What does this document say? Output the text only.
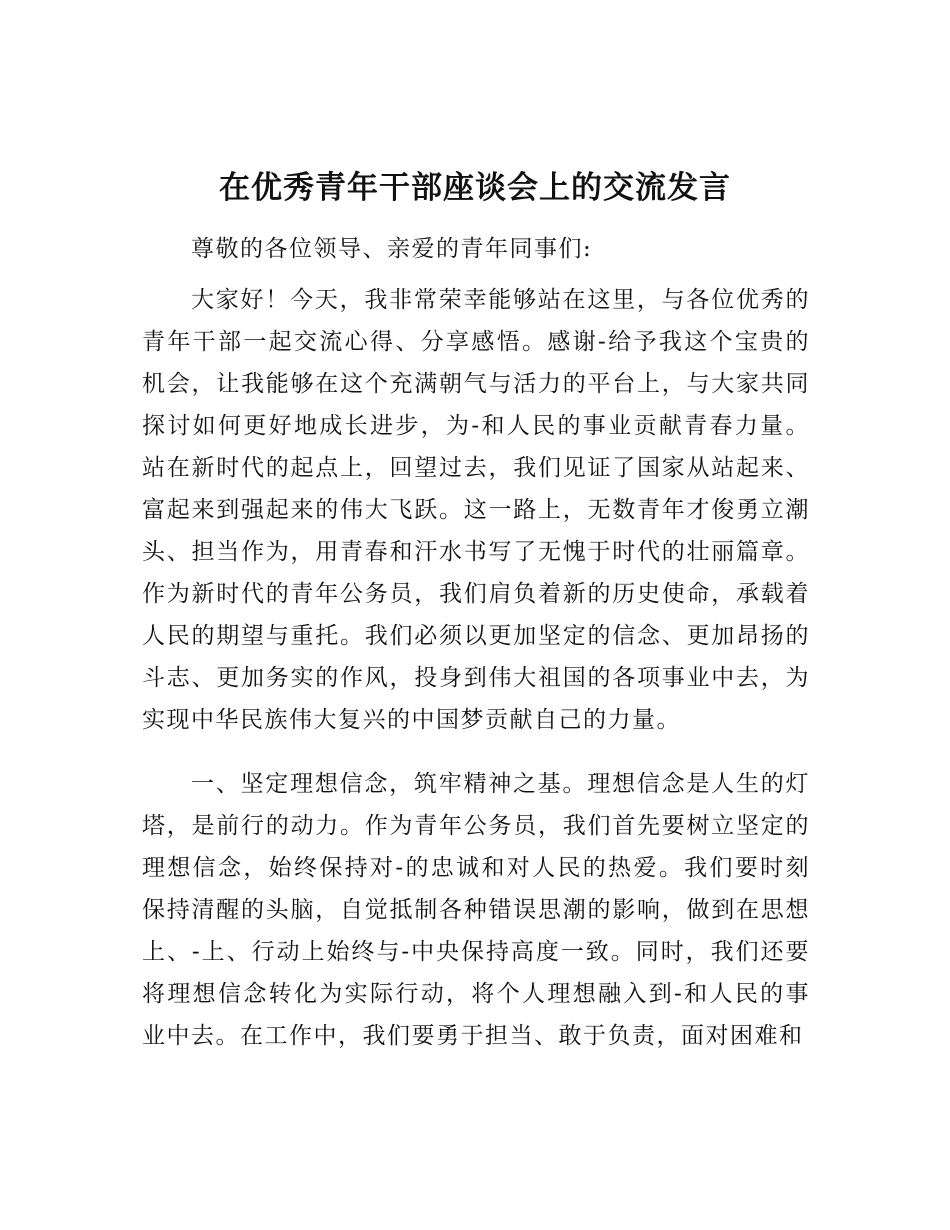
在优秀青年干部座谈会上的交流发言

尊敬的各位领导、亲爱的青年同事们:

大家好！今天，我非常荣幸能够站在这里，与各位优秀的青年干部一起交流心得、分享感悟。感谢-给予我这个宝贵的机会，让我能够在这个充满朝气与活力的平台上，与大家共同探讨如何更好地成长进步，为-和人民的事业贡献青春力量。站在新时代的起点上，回望过去，我们见证了国家从站起来、富起来到强起来的伟大飞跃。这一路上，无数青年才俊勇立潮头、担当作为，用青春和汗水书写了无愧于时代的壮丽篇章。作为新时代的青年公务员，我们肩负着新的历史使命，承载着人民的期望与重托。我们必须以更加坚定的信念、更加昂扬的斗志、更加务实的作风，投身到伟大祖国的各项事业中去，为实现中华民族伟大复兴的中国梦贡献自己的力量。

一、坚定理想信念，筑牢精神之基。理想信念是人生的灯塔，是前行的动力。作为青年公务员，我们首先要树立坚定的理想信念，始终保持对-的忠诚和对人民的热爱。我们要时刻保持清醒的头脑，自觉抵制各种错误思潮的影响，做到在思想上、-上、行动上始终与-中央保持高度一致。同时，我们还要将理想信念转化为实际行动，将个人理想融入到-和人民的事业中去。在工作中，我们要勇于担当、敢于负责，面对困难和
